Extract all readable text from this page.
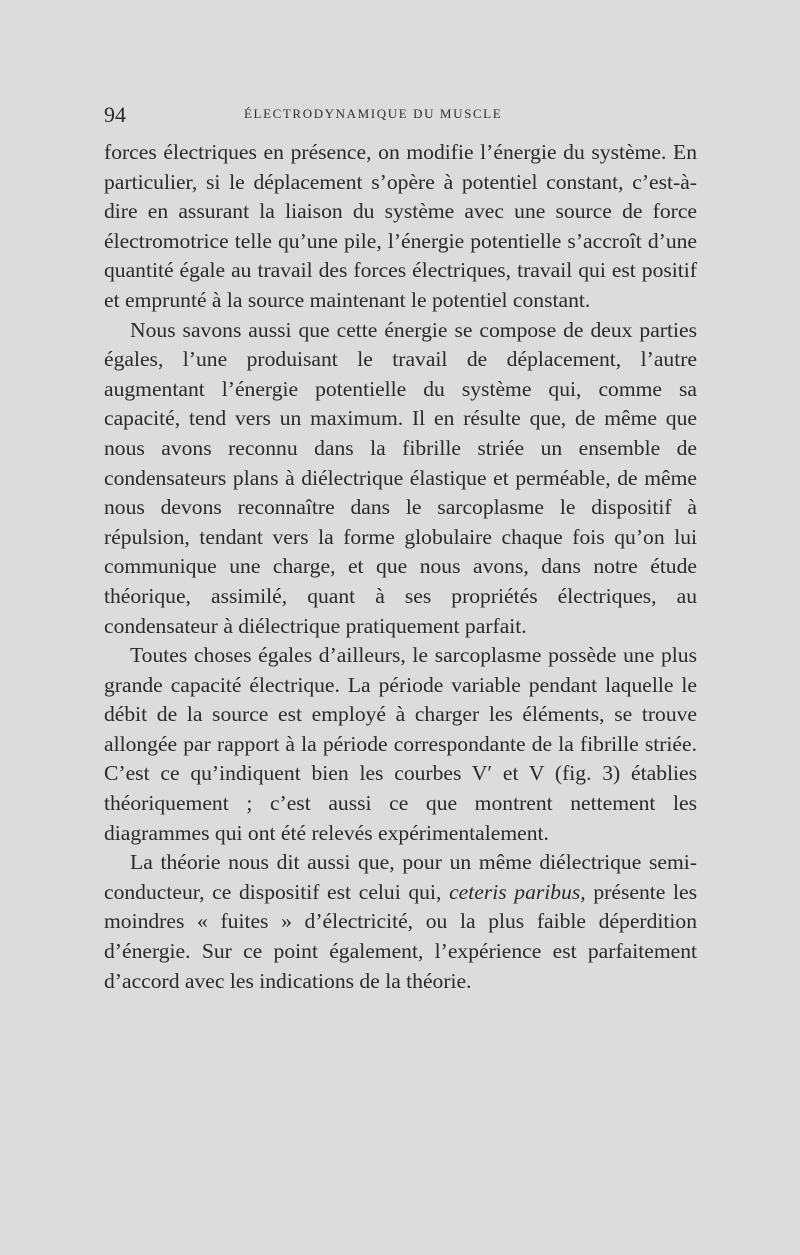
94	ÉLECTRODYNAMIQUE DU MUSCLE

forces électriques en présence, on modifie l’énergie du système. En particulier, si le déplacement s’opère à potentiel constant, c’est-à-dire en assurant la liaison du système avec une source de force électromotrice telle qu’une pile, l’énergie potentielle s’accroît d’une quantité égale au travail des forces électriques, travail qui est positif et emprunté à la source maintenant le potentiel constant.

Nous savons aussi que cette énergie se compose de deux parties égales, l’une produisant le travail de déplacement, l’autre augmentant l’énergie potentielle du système qui, comme sa capacité, tend vers un maximum. Il en résulte que, de même que nous avons reconnu dans la fibrille striée un ensemble de condensateurs plans à diélectrique élastique et perméable, de même nous devons reconnaître dans le sarcoplasme le dispositif à répulsion, tendant vers la forme globulaire chaque fois qu’on lui communique une charge, et que nous avons, dans notre étude théorique, assimilé, quant à ses propriétés électriques, au condensateur à diélectrique pratiquement parfait.

Toutes choses égales d’ailleurs, le sarcoplasme possède une plus grande capacité électrique. La période variable pendant laquelle le débit de la source est employé à charger les éléments, se trouve allongée par rapport à la période correspondante de la fibrille striée. C’est ce qu’indiquent bien les courbes V′ et V (fig. 3) établies théoriquement ; c’est aussi ce que montrent nettement les diagrammes qui ont été relevés expérimentalement.

La théorie nous dit aussi que, pour un même diélectrique semi-conducteur, ce dispositif est celui qui, ceteris paribus, présente les moindres « fuites » d’électricité, ou la plus faible déperdition d’énergie. Sur ce point également, l’expérience est parfaitement d’accord avec les indications de la théorie.
